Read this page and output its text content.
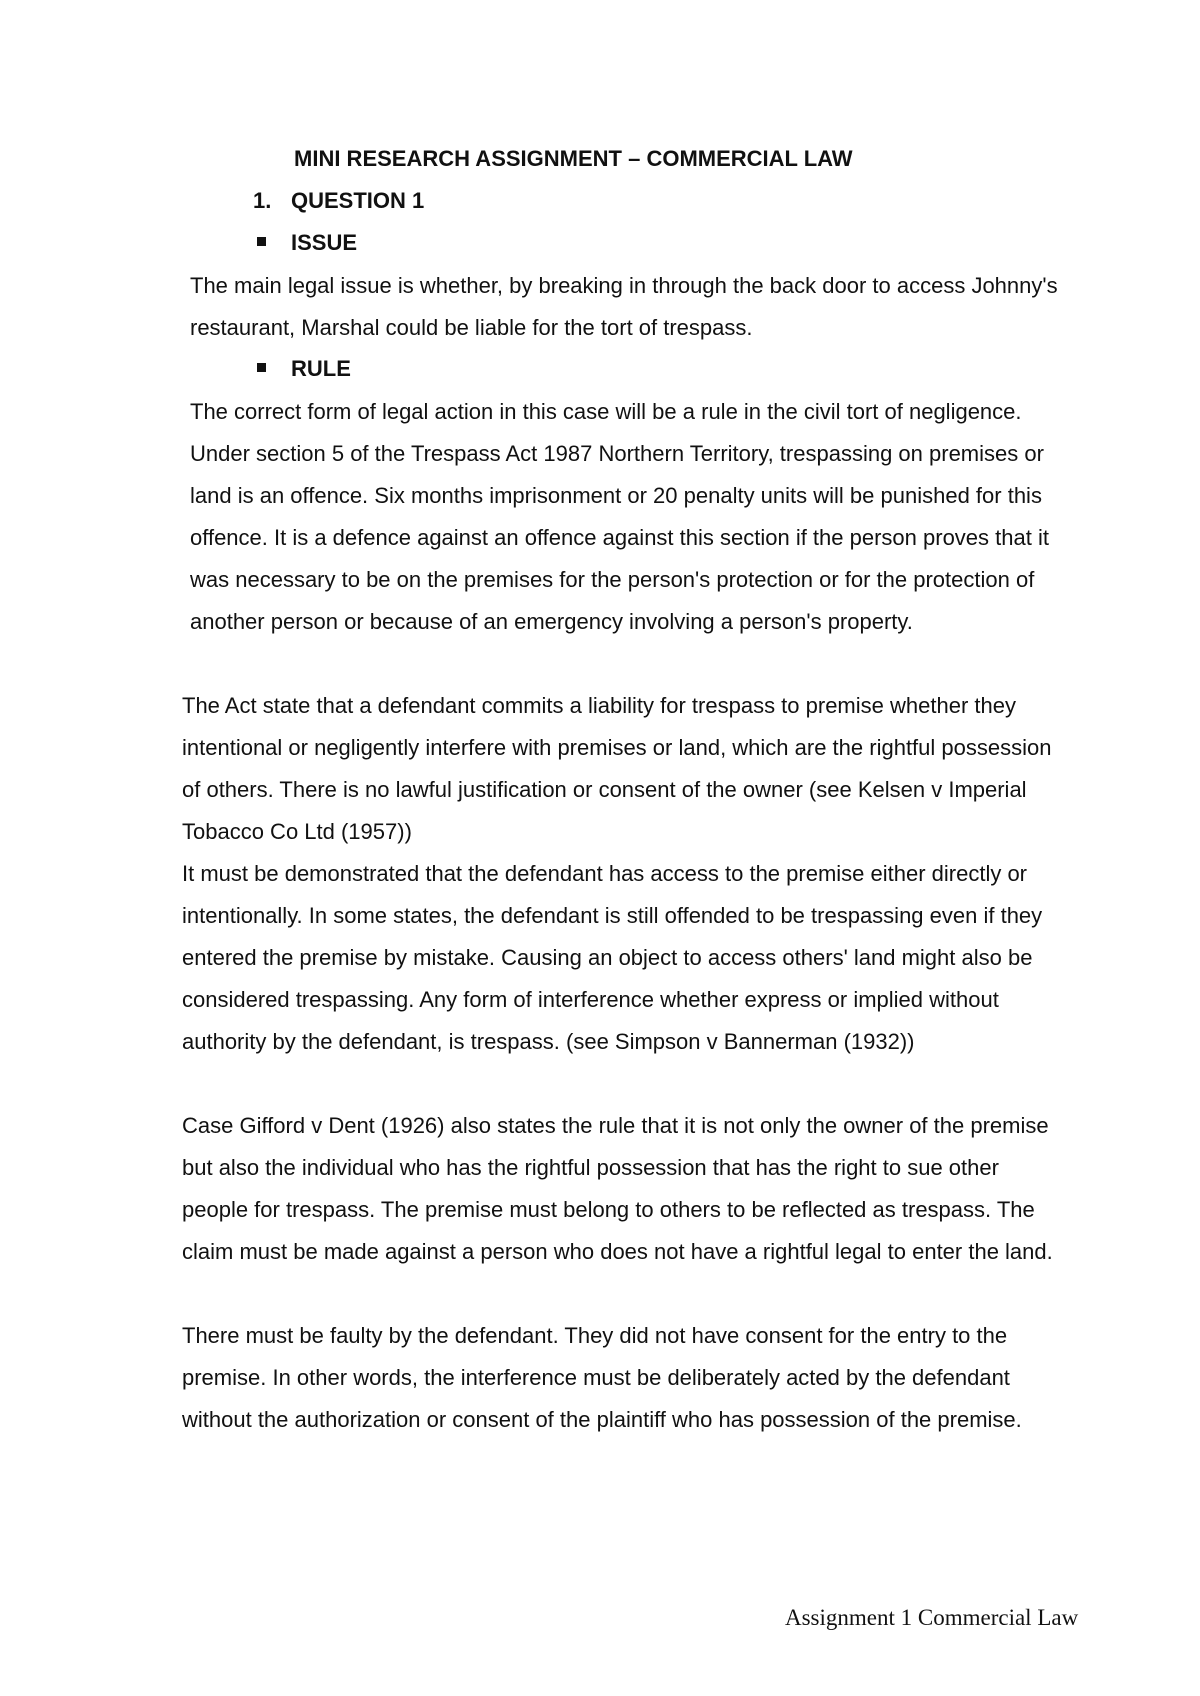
MINI RESEARCH ASSIGNMENT – COMMERCIAL LAW
1. QUESTION 1
ISSUE

The main legal issue is whether, by breaking in through the back door to access Johnny's restaurant, Marshal could be liable for the tort of trespass.

RULE

The correct form of legal action in this case will be a rule in the civil tort of negligence. Under section 5 of the Trespass Act 1987 Northern Territory, trespassing on premises or land is an offence. Six months imprisonment or 20 penalty units will be punished for this offence. It is a defence against an offence against this section if the person proves that it was necessary to be on the premises for the person's protection or for the protection of another person or because of an emergency involving a person's property.

The Act state that a defendant commits a liability for trespass to premise whether they intentional or negligently interfere with premises or land, which are the rightful possession of others. There is no lawful justification or consent of the owner (see Kelsen v Imperial Tobacco Co Ltd (1957))

It must be demonstrated that the defendant has access to the premise either directly or intentionally. In some states, the defendant is still offended to be trespassing even if they entered the premise by mistake. Causing an object to access others' land might also be considered trespassing. Any form of interference whether express or implied without authority by the defendant, is trespass. (see Simpson v Bannerman (1932))

Case Gifford v Dent (1926) also states the rule that it is not only the owner of the premise but also the individual who has the rightful possession that has the right to sue other people for trespass. The premise must belong to others to be reflected as trespass. The claim must be made against a person who does not have a rightful legal to enter the land.

There must be faulty by the defendant. They did not have consent for the entry to the premise. In other words, the interference must be deliberately acted by the defendant without the authorization or consent of the plaintiff who has possession of the premise.

Assignment 1 Commercial Law
